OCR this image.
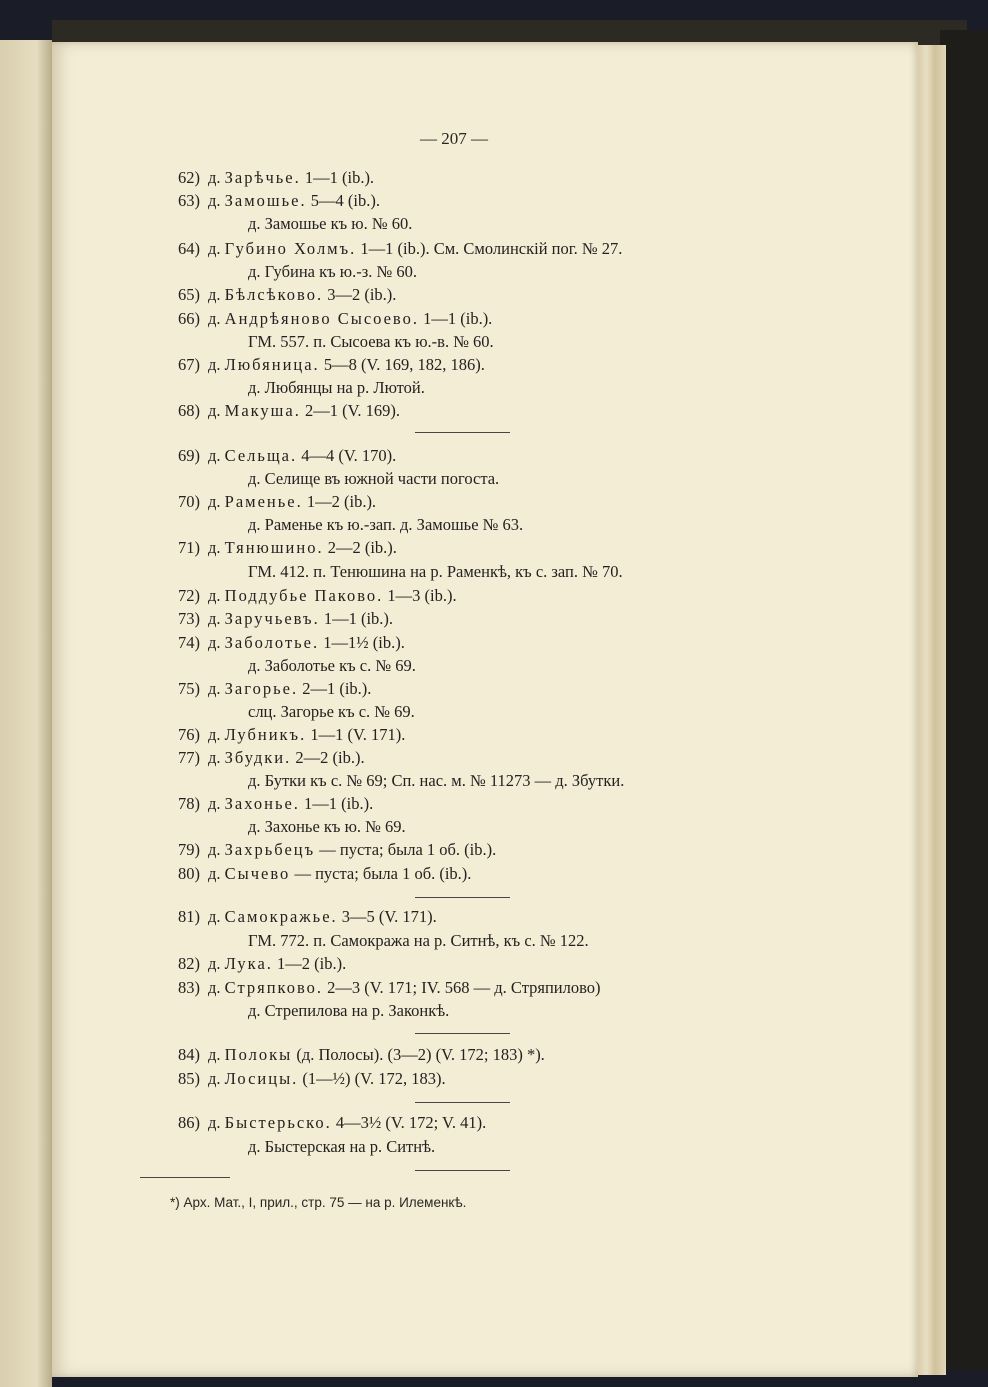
— 207 —
62) д. Зарѣчье. 1—1 (ib.).
63) д. Замошье. 5—4 (ib.).
д. Замошье къ ю. № 60.
64) д. Губино Холмъ. 1—1 (ib.). См. Смолинскій пог. № 27.
д. Губина къ ю.-з. № 60.
65) д. Бѣлсѣково. 3—2 (ib.).
66) д. Андрѣяново Сысоево. 1—1 (ib.).
ГМ. 557. п. Сысоева къ ю.-в. № 60.
67) д. Любяница. 5—8 (V. 169, 182, 186).
д. Любянцы на р. Лютой.
68) д. Макуша. 2—1 (V. 169).
69) д. Сельща. 4—4 (V. 170).
д. Селище въ южной части погоста.
70) д. Раменье. 1—2 (ib.).
д. Раменье къ ю.-зап. д. Замошье № 63.
71) д. Тянюшино. 2—2 (ib.).
ГМ. 412. п. Тенюшина на р. Раменкѣ, къ с. зап. № 70.
72) д. Поддубье Паково. 1—3 (ib.).
73) д. Заручьевъ. 1—1 (ib.).
74) д. Заболотье. 1—1½ (ib.).
д. Заболотье къ с. № 69.
75) д. Загорье. 2—1 (ib.).
слц. Загорье къ с. № 69.
76) д. Лубникъ. 1—1 (V. 171).
77) д. Збудки. 2—2 (ib.).
д. Бутки къ с. № 69; Сп. нас. м. № 11273 — д. Збутки.
78) д. Захонье. 1—1 (ib.).
д. Захонье къ ю. № 69.
79) д. Захрьбецъ — пуста; была 1 об. (ib.).
80) д. Сычево — пуста; была 1 об. (ib.).
81) д. Самокражье. 3—5 (V. 171).
ГМ. 772. п. Самокража на р. Ситнѣ, къ с. № 122.
82) д. Лука. 1—2 (ib.).
83) д. Стряпково. 2—3 (V. 171; IV. 568 — д. Стряпилово)
д. Стрепилова на р. Законкѣ.
84) д. Полокы (д. Полосы). (3—2) (V. 172; 183) *).
85) д. Лосицы. (1—½) (V. 172, 183).
86) д. Быстерьско. 4—3½ (V. 172; V. 41).
д. Быстерская на р. Ситнѣ.
*) Арх. Мат., I, прил., стр. 75 — на р. Илеменкѣ.
